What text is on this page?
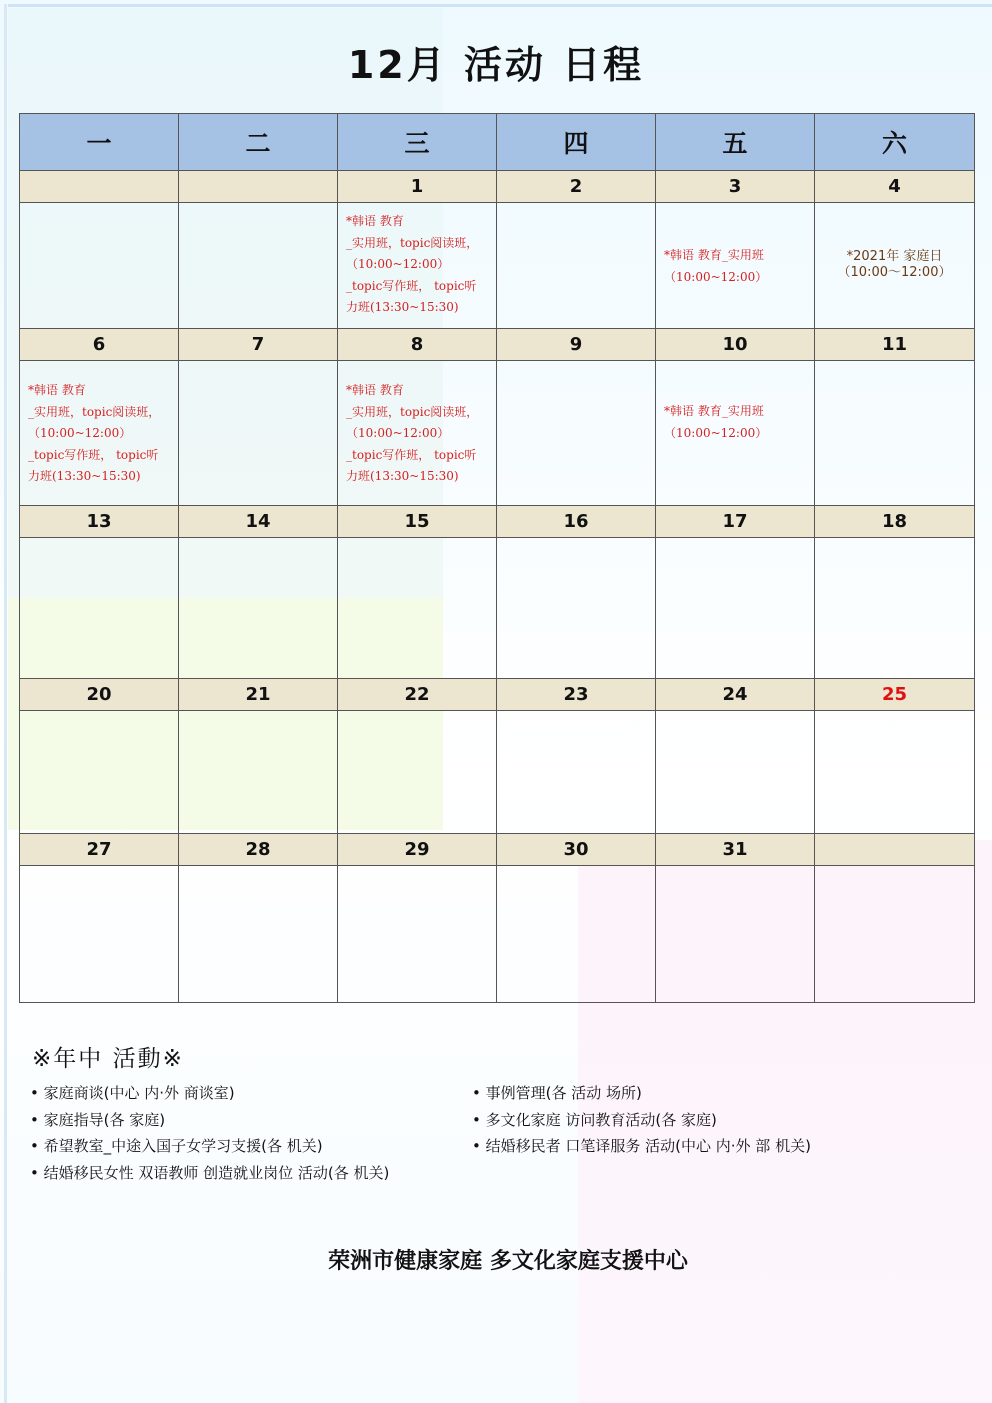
12月 活动 日程
一	二	三	四	五	六
		1	2	3	4

		*韩语 教育
_实用班，topic阅读班，
（10:00~12:00）
_topic写作班， topic听
力班(13:30~15:30)		*韩语 教育_实用班
（10:00~12:00）	*2021年 家庭日
（10:00～12:00）

6	7	8	9	10	11

*韩语 教育
_实用班，topic阅读班，
（10:00~12:00）
_topic写作班， topic听
力班(13:30~15:30)		*韩语 教育
_实用班，topic阅读班，
（10:00~12:00）
_topic写作班， topic听
力班(13:30~15:30)		*韩语 教育_实用班
（10:00~12:00）	

13	14	15	16	17	18

20	21	22	23	24	25

27	28	29	30	31	

※年中 活動※
• 家庭商谈(中心 内·外 商谈室)
• 家庭指导(各 家庭)
• 希望教室_中途入国子女学习支援(各 机关)
• 结婚移民女性 双语教师 创造就业岗位 活动(各 机关)
• 事例管理(各 活动 场所)
• 多文化家庭 访问教育活动(各 家庭)
• 结婚移民者 口笔译服务 活动(中心 内·外 部 机关)
荣洲市健康家庭 多文化家庭支援中心
